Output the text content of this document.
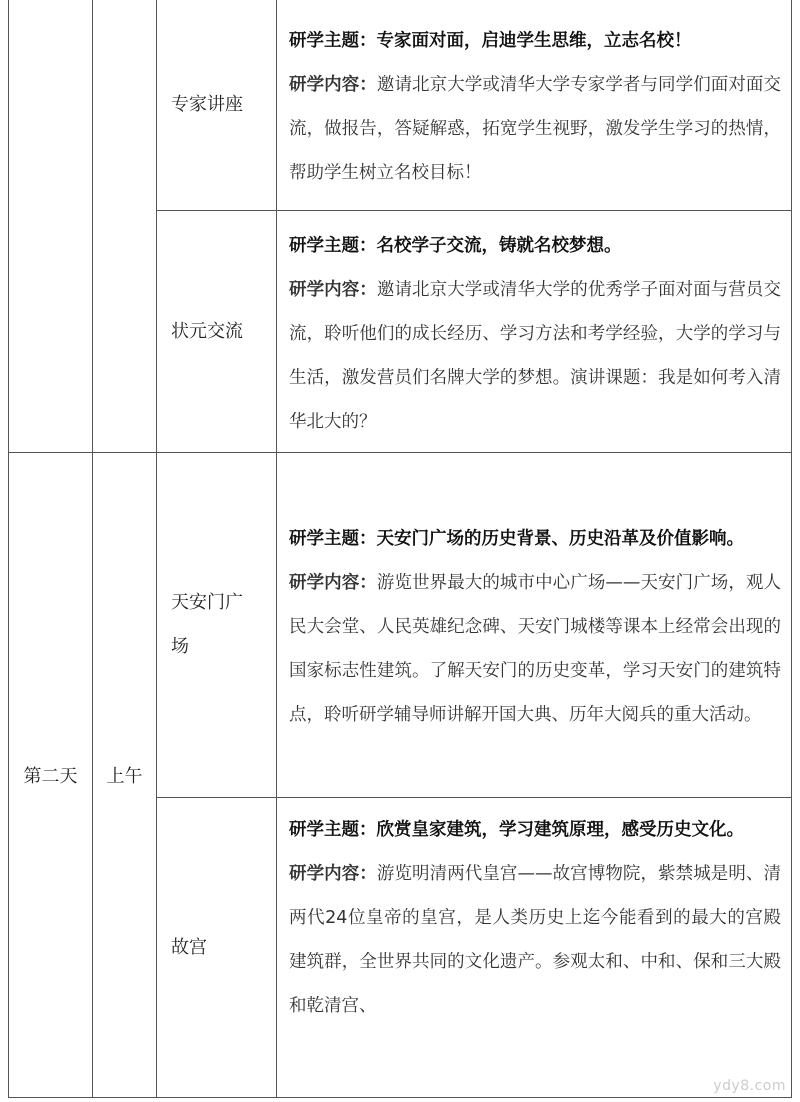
		专家讲座	研学主题：专家面对面，启迪学生思维，立志名校！
研学内容：邀请北京大学或清华大学专家学者与同学们面对面交流，做报告，答疑解惑，拓宽学生视野，激发学生学习的热情，帮助学生树立名校目标！

		状元交流	研学主题：名校学子交流，铸就名校梦想。
研学内容：邀请北京大学或清华大学的优秀学子面对面与营员交流，聆听他们的成长经历、学习方法和考学经验，大学的学习与生活，激发营员们名牌大学的梦想。演讲课题：我是如何考入清华北大的？

第二天	上午	天安门广场	研学主题：天安门广场的历史背景、历史沿革及价值影响。
研学内容：游览世界最大的城市中心广场——天安门广场，观人民大会堂、人民英雄纪念碑、天安门城楼等课本上经常会出现的国家标志性建筑。了解天安门的历史变革，学习天安门的建筑特点，聆听研学辅导师讲解开国大典、历年大阅兵的重大活动。

		故宫	研学主题：欣赏皇家建筑，学习建筑原理，感受历史文化。
研学内容：游览明清两代皇宫——故宫博物院，紫禁城是明、清两代24位皇帝的皇宫，是人类历史上迄今能看到的最大的宫殿建筑群，全世界共同的文化遗产。参观太和、中和、保和三大殿和乾清宫、
ydy8.com
